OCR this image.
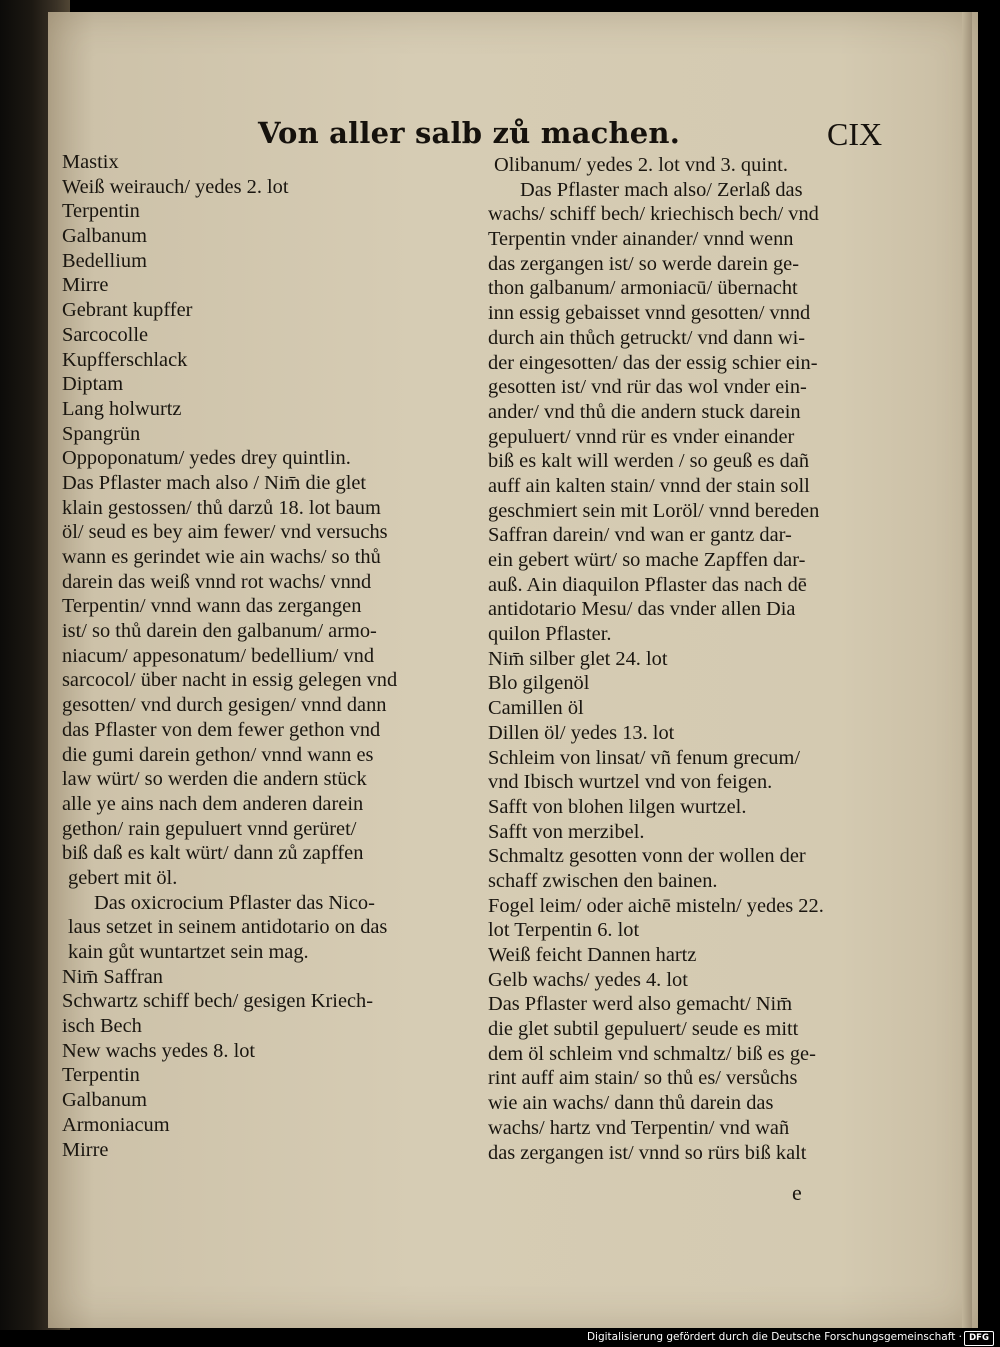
Von aller salb zů machen.	CIX
Mastix
Weiß weirauch/ yedes 2. lot
Terpentin
Galbanum
Bedellium
Mirre
Gebrant kupffer
Sarcocolle
Kupfferschlack
Diptam
Lang holwurtz
Spangrün
Oppoponatum/ yedes drey quintlin.
Das Pflaster mach also / Nim̄ die glet
klain gestossen/ thů darzů 18. lot baum
öl/ seud es bey aim fewer/ vnd versuchs
wann es gerindet wie ain wachs/ so thů
darein das weiß vnnd rot wachs/ vnnd
Terpentin/ vnnd wann das zergangen
ist/ so thů darein den galbanum/ armo-
niacum/ appesonatum/ bedellium/ vnd
sarcocol/ über nacht in essig gelegen vnd
gesotten/ vnd durch gesigen/ vnnd dann
das Pflaster von dem fewer gethon vnd
die gumi darein gethon/ vnnd wann es
law würt/ so werden die andern stück
alle ye ains nach dem anderen darein
gethon/ rain gepuluert vnnd gerüret/
biß daß es kalt würt/ dann zů zapffen
gebert mit öl.
Das oxicrocium Pflaster das Nico-
laus setzet in seinem antidotario on das
kain gůt wuntartzet sein mag.
Nim̄ Saffran
Schwartz schiff bech/ gesigen Kriech-
isch Bech
New wachs yedes 8. lot
Terpentin
Galbanum
Armoniacum
Mirre
Olibanum/ yedes 2. lot vnd 3. quint.
Das Pflaster mach also/ Zerlaß das
wachs/ schiff bech/ kriechisch bech/ vnd
Terpentin vnder ainander/ vnnd wenn
das zergangen ist/ so werde darein ge-
thon galbanum/ armoniacū/ übernacht
inn essig gebaisset vnnd gesotten/ vnnd
durch ain thůch getruckt/ vnd dann wi-
der eingesotten/ das der essig schier ein-
gesotten ist/ vnd rür das wol vnder ein-
ander/ vnd thů die andern stuck darein
gepuluert/ vnnd rür es vnder einander
biß es kalt will werden / so geuß es dañ
auff ain kalten stain/ vnnd der stain soll
geschmiert sein mit Loröl/ vnnd bereden
Saffran darein/ vnd wan er gantz dar-
ein gebert würt/ so mache Zapffen dar-
auß. Ain diaquilon Pflaster das nach dē
antidotario Mesu/ das vnder allen Dia
quilon Pflaster.
Nim̄ silber glet 24. lot
Blo gilgenöl
Camillen öl
Dillen öl/ yedes 13. lot
Schleim von linsat/ vñ fenum grecum/
vnd Ibisch wurtzel vnd von feigen.
Safft von blohen lilgen wurtzel.
Safft von merzibel.
Schmaltz gesotten vonn der wollen der
schaff zwischen den bainen.
Fogel leim/ oder aichē misteln/ yedes 22.
lot Terpentin 6. lot
Weiß feicht Dannen hartz
Gelb wachs/ yedes 4. lot
Das Pflaster werd also gemacht/ Nim̄
die glet subtil gepuluert/ seude es mitt
dem öl schleim vnd schmaltz/ biß es ge-
rint auff aim stain/ so thů es/ versůchs
wie ain wachs/ dann thů darein das
wachs/ hartz vnd Terpentin/ vnd wañ
das zergangen ist/ vnnd so rürs biß kalt
e
Digitalisierung gefördert durch die Deutsche Forschungsgemeinschaft · DFG
